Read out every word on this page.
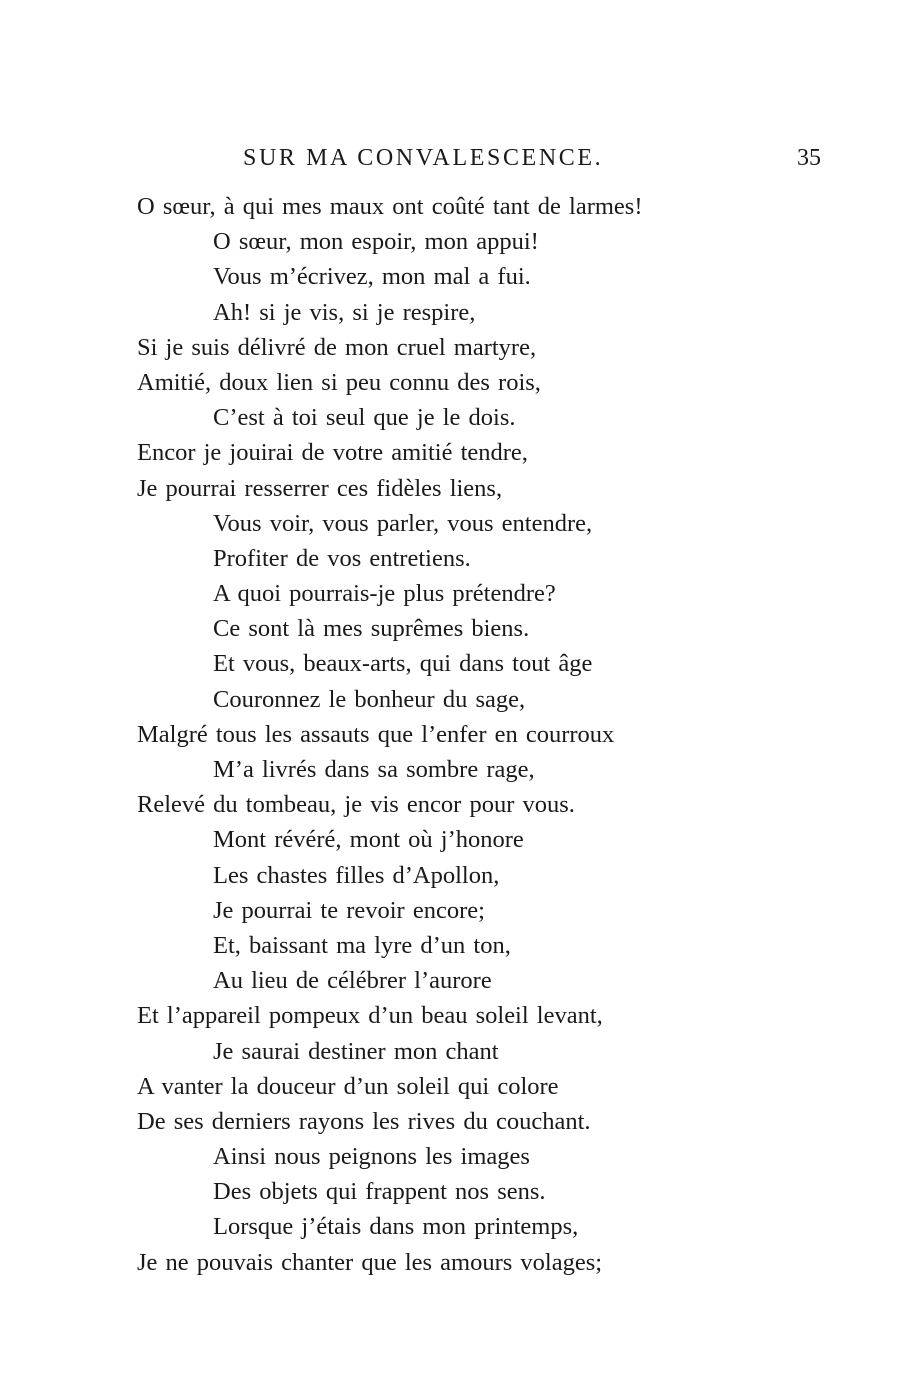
SUR MA CONVALESCENCE.	35
O sœur, à qui mes maux ont coûté tant de larmes!
O sœur, mon espoir, mon appui!
Vous m’écrivez, mon mal a fui.
Ah! si je vis, si je respire,
Si je suis délivré de mon cruel martyre,
Amitié, doux lien si peu connu des rois,
C’est à toi seul que je le dois.
Encor je jouirai de votre amitié tendre,
Je pourrai resserrer ces fidèles liens,
Vous voir, vous parler, vous entendre,
Profiter de vos entretiens.
A quoi pourrais-je plus prétendre?
Ce sont là mes suprêmes biens.
Et vous, beaux-arts, qui dans tout âge
Couronnez le bonheur du sage,
Malgré tous les assauts que l’enfer en courroux
M’a livrés dans sa sombre rage,
Relevé du tombeau, je vis encor pour vous.
Mont révéré, mont où j’honore
Les chastes filles d’Apollon,
Je pourrai te revoir encore;
Et, baissant ma lyre d’un ton,
Au lieu de célébrer l’aurore
Et l’appareil pompeux d’un beau soleil levant,
Je saurai destiner mon chant
A vanter la douceur d’un soleil qui colore
De ses derniers rayons les rives du couchant.
Ainsi nous peignons les images
Des objets qui frappent nos sens.
Lorsque j’étais dans mon printemps,
Je ne pouvais chanter que les amours volages;
